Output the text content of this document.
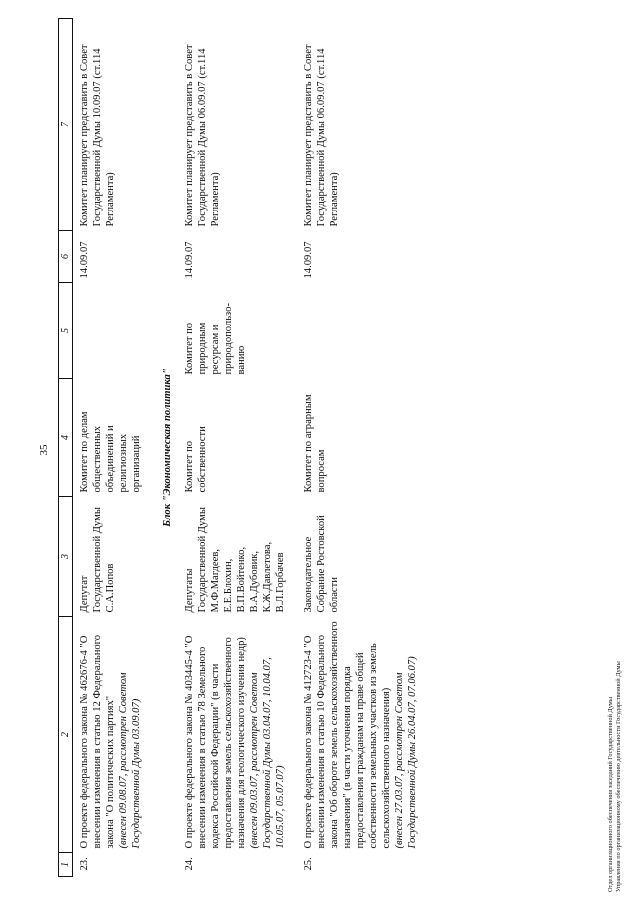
35
1	2	3	4	5	6	7
23.	О проекте федерального закона № 462676-4 "О внесении изменения в статью 12 Федерального закона "О политических партиях" (внесен 09.08.07, рассмотрен Советом Государственной Думы 03.09.07)	Депутат Государственной Думы С.А.Попов	Комитет по делам общественных объединений и религиозных организаций		14.09.07	Комитет планирует представить в Совет Государственной Думы 10.09.07 (ст.114 Регламента)
Блок "Экономическая политика"						
24.	О проекте федерального закона № 403445-4 "О внесении изменения в статью 78 Земельного кодекса Российской Федерации" (в части предоставления земель сельскохозяйственного назначения для геологического изучения недр) (внесен 09.03.07, рассмотрен Советом Государственной Думы 03.04.07, 10.04.07, 10.05.07, 05.07.07)	Депутаты Государственной Думы М.Ф.Магдеев, Е.Е.Блохин, В.П.Войтенко, В.А.Дубовик, К.Ж.Давлетова, В.Л.Горбачев	Комитет по собственности	Комитет по природным ресурсам и природопользо-ванию	14.09.07	Комитет планирует представить в Совет Государственной Думы 06.09.07 (ст.114 Регламента)
25.	О проекте федерального закона № 412723-4 "О внесении изменения в статью 10 Федерального закона "Об обороте земель сельскохозяйственного назначения" (в части уточнения порядка предоставления гражданам на праве общей собственности земельных участков из земель сельскохозяйственного назначения) (внесен 27.03.07, рассмотрен Советом Государственной Думы 26.04.07, 07.06.07)	Законодательное Собрание Ростовской области	Комитет по аграрным вопросам		14.09.07	Комитет планирует представить в Совет Государственной Думы 06.09.07 (ст.114 Регламента)
Отдел организационного обеспечения заседаний Государственной Думы Управления по организационному обеспечению деятельности Государственной Думы
